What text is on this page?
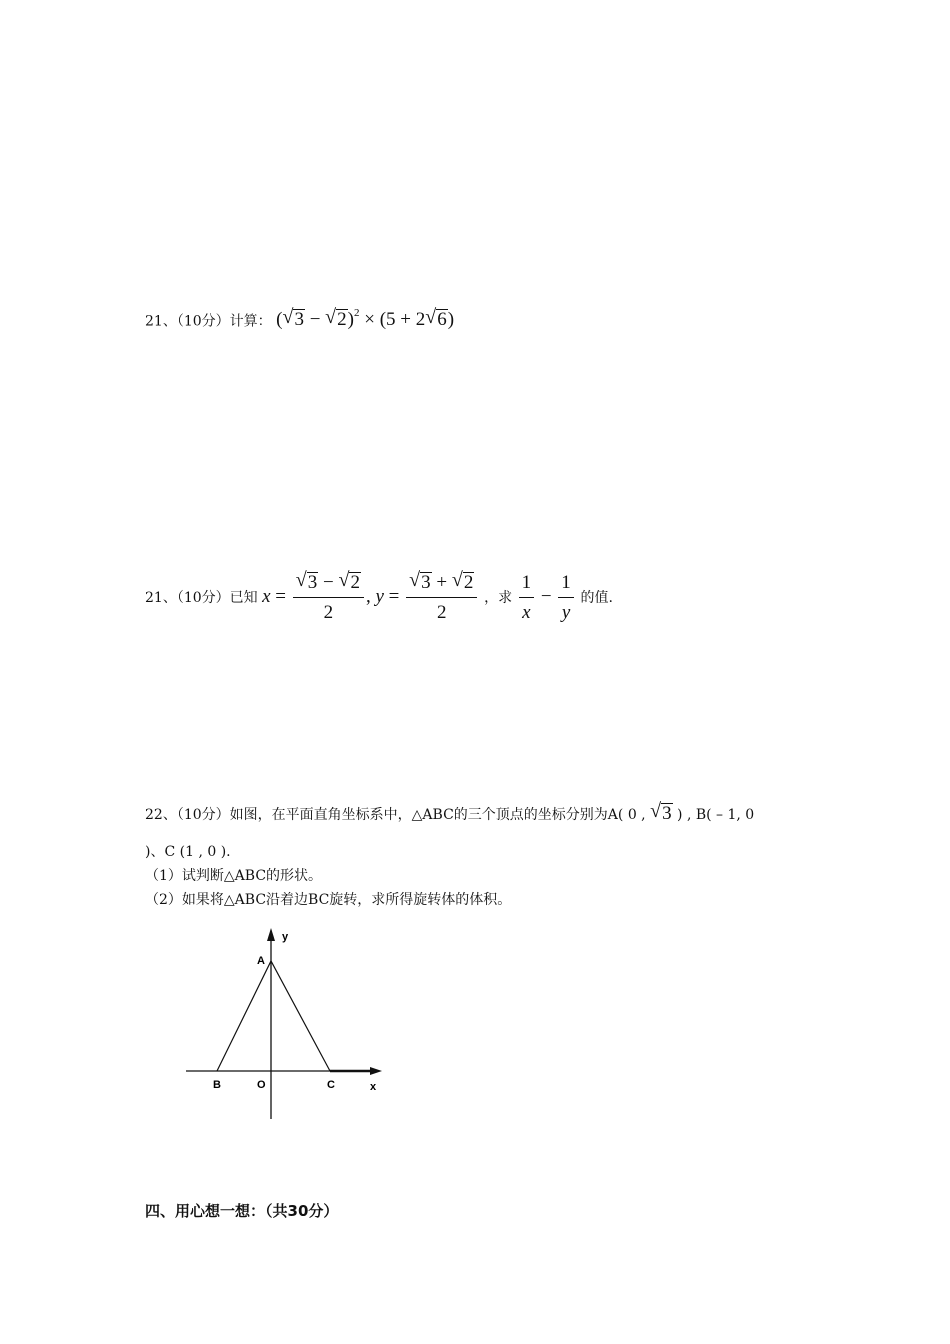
21、（10分）计算： ( √ 3 − √ 2)$^2$ × (5 + 2 √ 6)
21、（10分）已知 $x = \frac{√ 3 - √ 2}{2}$ , $y = \frac{√ 3 + √ 2}{2}$ ，求 $\frac{1}{x} - \frac{1}{y}$ 的值.
22、（10分）如图，在平面直角坐标系中，△ABC的三个顶点的坐标分别为A( 0 , √ 3 ) , B( – 1, 0
)、C (1 , 0 ).
（1）试判断△ABC的形状。
（2）如果将△ABC沿着边BC旋转，求所得旋转体的体积。
y
A
B	O	C	x
四、用心想一想：（共30分）
